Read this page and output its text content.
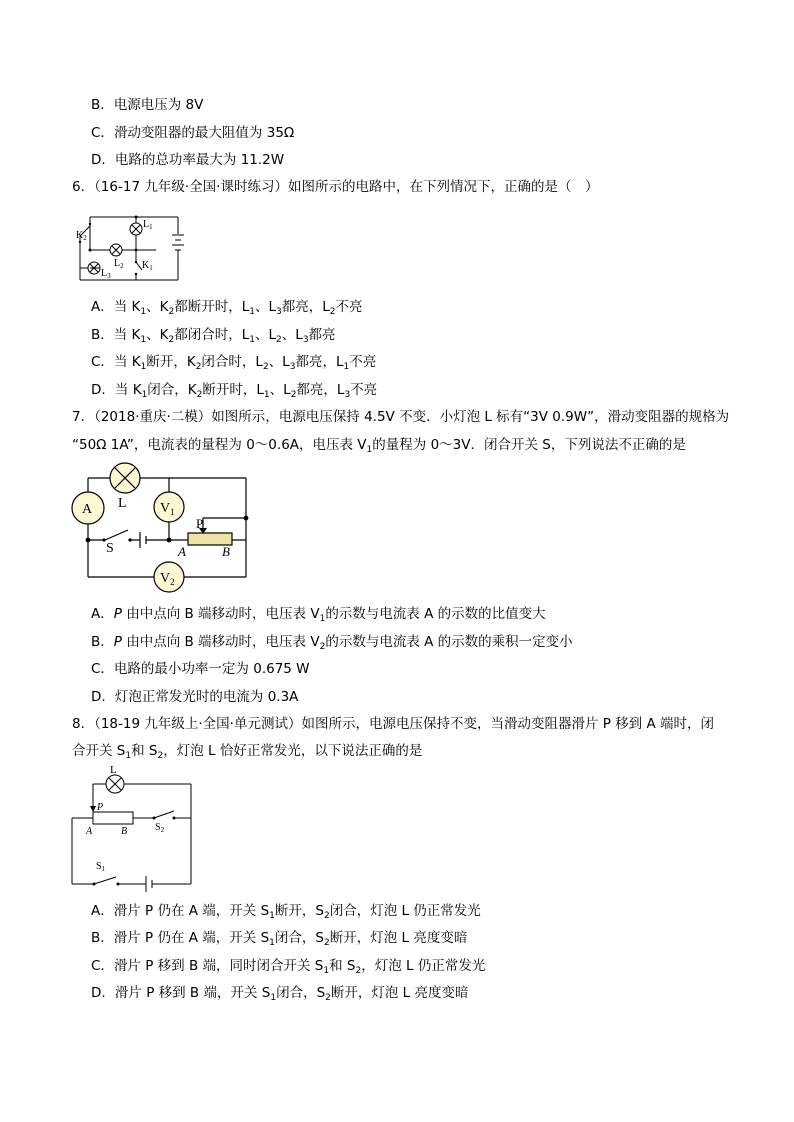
B．电源电压为 8V
C．滑动变阻器的最大阻值为 35Ω
D．电路的总功率最大为 11.2W
6．（16-17 九年级·全国·课时练习）如图所示的电路中，在下列情况下，正确的是（　）
$K_2$
$L_1$
$L_2$
$L_3$
$K_1$
A．当 $K_1$、$K_2$都断开时，$L_1$、$L_3$都亮，$L_2$不亮
B．当 $K_1$、$K_2$都闭合时，$L_1$、$L_2$、$L_3$都亮
C．当 $K_1$断开，$K_2$闭合时，$L_2$、$L_3$都亮，$L_1$不亮
D．当 $K_1$闭合，$K_2$断开时，$L_1$、$L_2$都亮，$L_3$不亮
7．（2018·重庆·二模）如图所示，电源电压保持 4.5V 不变．小灯泡 L 标有“3V 0.9W”，滑动变阻器的规格为
“50Ω 1A”，电流表的量程为 0～0.6A，电压表 $V_1$的量程为 0～3V．闭合开关 S，下列说法不正确的是
A L $V_1$
$V_2$
P
S	A	B
A．P 由中点向 B 端移动时，电压表 $V_1$的示数与电流表 A 的示数的比值变大
B．P 由中点向 B 端移动时，电压表 $V_2$的示数与电流表 A 的示数的乘积一定变小
C．电路的最小功率一定为 0.675 W
D．灯泡正常发光时的电流为 0.3A
8．（18-19 九年级上·全国·单元测试）如图所示，电源电压保持不变，当滑动变阻器滑片 P 移到 A 端时，闭
合开关 $S_1$和 $S_2$，灯泡 L 恰好正常发光，以下说法正确的是
L
P
A	B	$S_2$
$S_1$
A．滑片 P 仍在 A 端，开关 $S_1$断开，$S_2$闭合，灯泡 L 仍正常发光
B．滑片 P 仍在 A 端，开关 $S_1$闭合，$S_2$断开，灯泡 L 亮度变暗
C．滑片 P 移到 B 端，同时闭合开关 $S_1$和 $S_2$，灯泡 L 仍正常发光
D．滑片 P 移到 B 端，开关 $S_1$闭合，$S_2$断开，灯泡 L 亮度变暗
